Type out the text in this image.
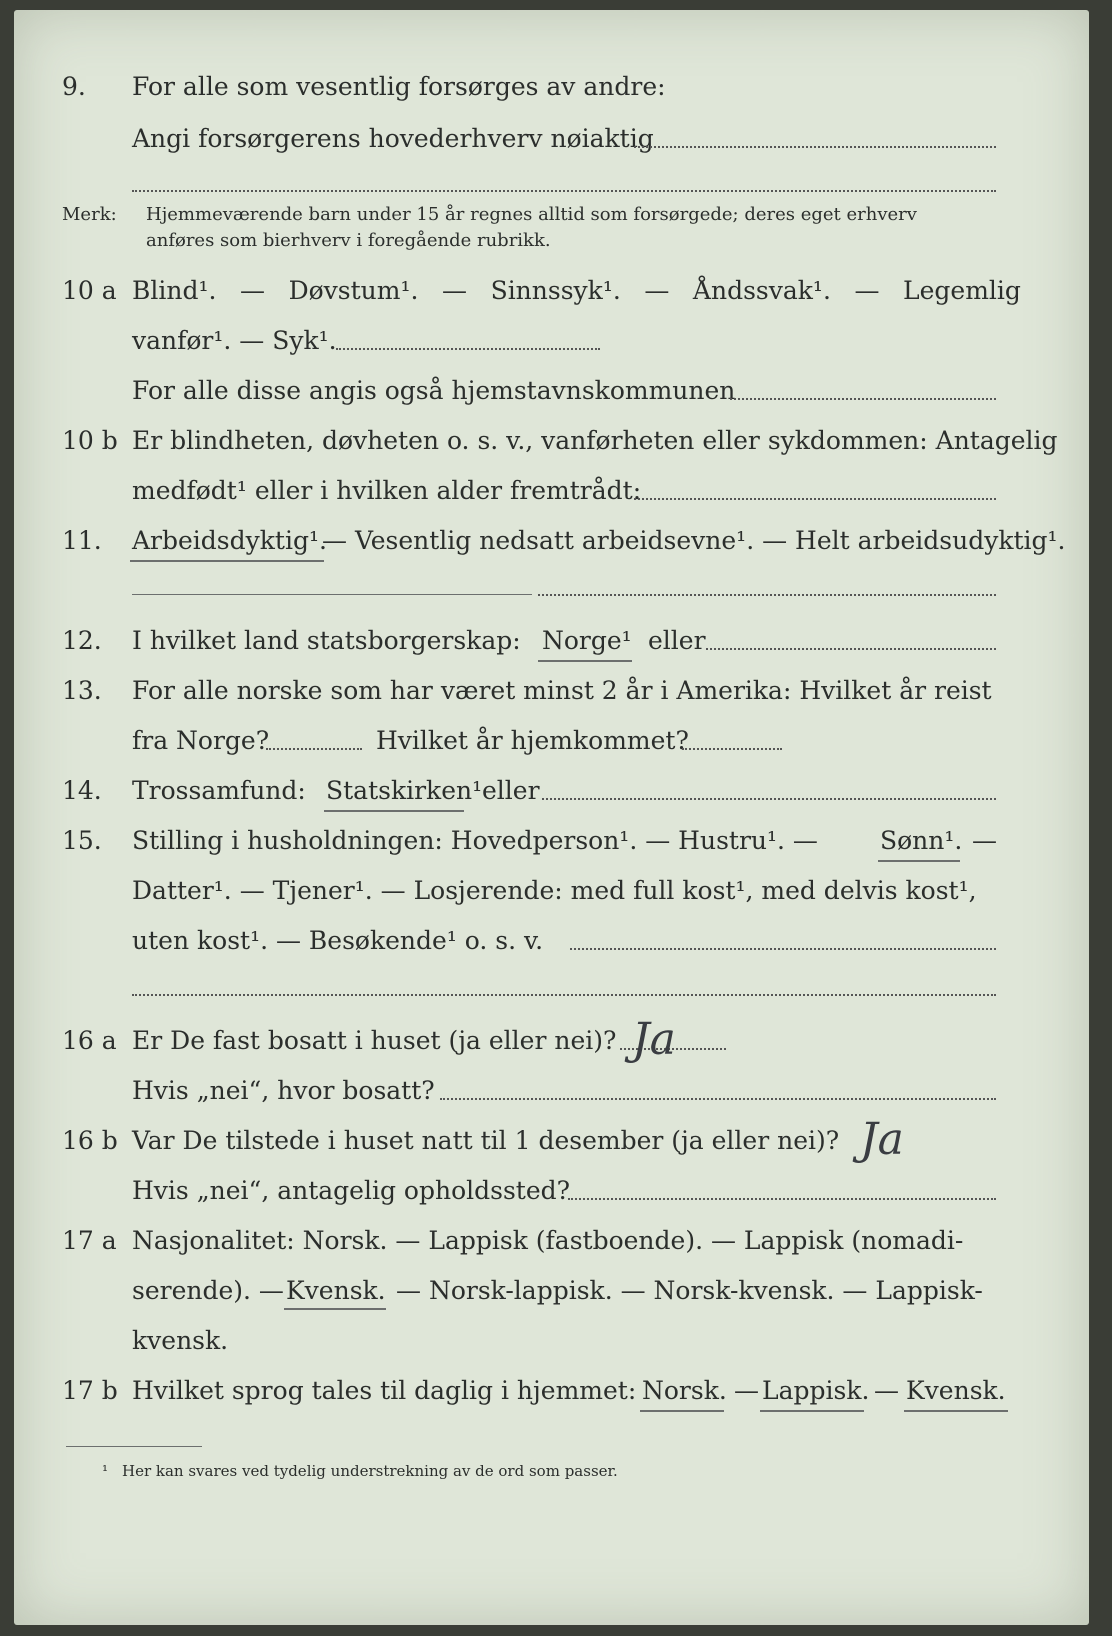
9. For alle som vesentlig forsørges av andre:
Angi forsørgerens hovederhverv nøiaktig
Merk: Hjemmeværende barn under 15 år regnes alltid som forsørgede; deres eget erhverv
anføres som bierhverv i foregående rubrikk.
10 a Blind¹. — Døvstum¹. — Sinnssyk¹. — Åndssvak¹. — Legemlig
vanfør¹. — Syk¹.
For alle disse angis også hjemstavnskommunen
10 b Er blindheten, døvheten o. s. v., vanførheten eller sykdommen: Antagelig
medfødt¹ eller i hvilken alder fremtrådt:
11. Arbeidsdyktig¹.
— Vesentlig nedsatt arbeidsevne¹. — Helt arbeidsudyktig¹.
12. I hvilket land statsborgerskap: Norge¹ eller
13. For alle norske som har været minst 2 år i Amerika: Hvilket år reist
fra Norge?	Hvilket år hjemkommet?
14. Trossamfund: Statskirken¹ eller
15. Stilling i husholdningen: Hovedperson¹. — Hustru¹. — Sønn¹. —
Datter¹. — Tjener¹. — Losjerende: med full kost¹, med delvis kost¹,
uten kost¹. — Besøkende¹ o. s. v.
16 a Er De fast bosatt i huset (ja eller nei)? Ja
Hvis „nei“, hvor bosatt?
16 b Var De tilstede i huset natt til 1 desember (ja eller nei)? Ja
Hvis „nei“, antagelig opholdssted?
17 a Nasjonalitet: Norsk. — Lappisk (fastboende). — Lappisk (nomadi-
serende). — Kvensk. — Norsk-lappisk. — Norsk-kvensk. — Lappisk-
kvensk.
17 b Hvilket sprog tales til daglig i hjemmet: Norsk. — Lappisk. — Kvensk.
¹ Her kan svares ved tydelig understrekning av de ord som passer.
